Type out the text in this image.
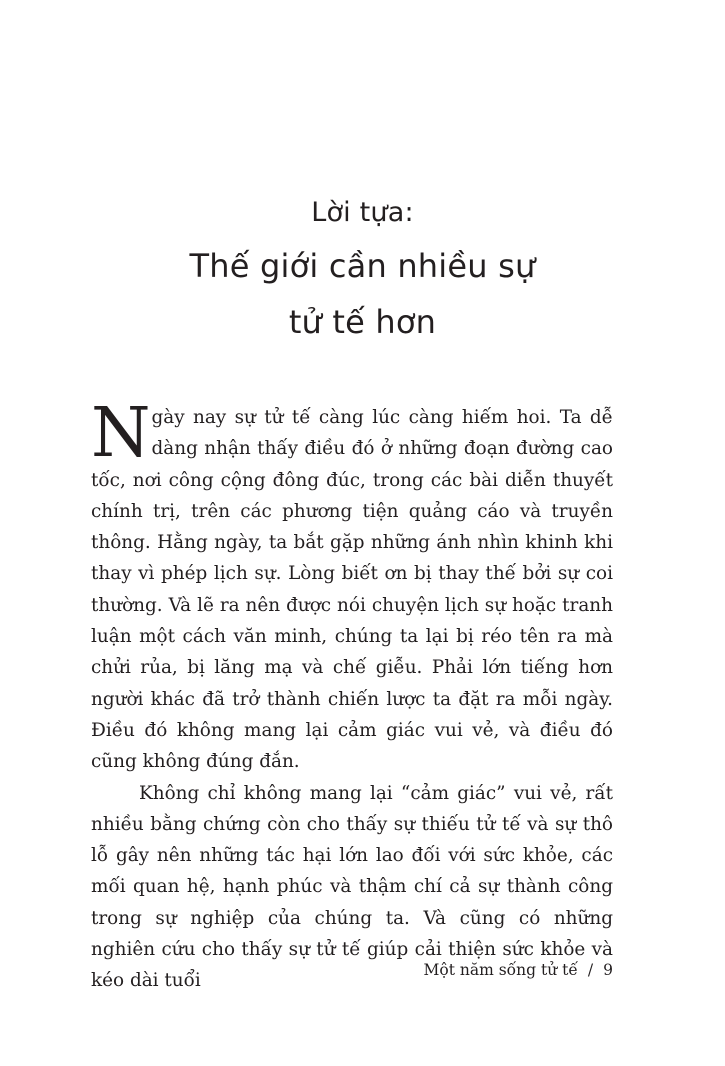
Lời tựa:
Thế giới cần nhiều sự
tử tế hơn

Ngày nay sự tử tế càng lúc càng hiếm hoi. Ta dễ dàng nhận thấy điều đó ở những đoạn đường cao tốc, nơi công cộng đông đúc, trong các bài diễn thuyết chính trị, trên các phương tiện quảng cáo và truyền thông. Hằng ngày, ta bắt gặp những ánh nhìn khinh khi thay vì phép lịch sự. Lòng biết ơn bị thay thế bởi sự coi thường. Và lẽ ra nên được nói chuyện lịch sự hoặc tranh luận một cách văn minh, chúng ta lại bị réo tên ra mà chửi rủa, bị lăng mạ và chế giễu. Phải lớn tiếng hơn người khác đã trở thành chiến lược ta đặt ra mỗi ngày. Điều đó không mang lại cảm giác vui vẻ, và điều đó cũng không đúng đắn.

Không chỉ không mang lại “cảm giác” vui vẻ, rất nhiều bằng chứng còn cho thấy sự thiếu tử tế và sự thô lỗ gây nên những tác hại lớn lao đối với sức khỏe, các mối quan hệ, hạnh phúc và thậm chí cả sự thành công trong sự nghiệp của chúng ta. Và cũng có những nghiên cứu cho thấy sự tử tế giúp cải thiện sức khỏe và kéo dài tuổi

Một năm sống tử tế / 9
